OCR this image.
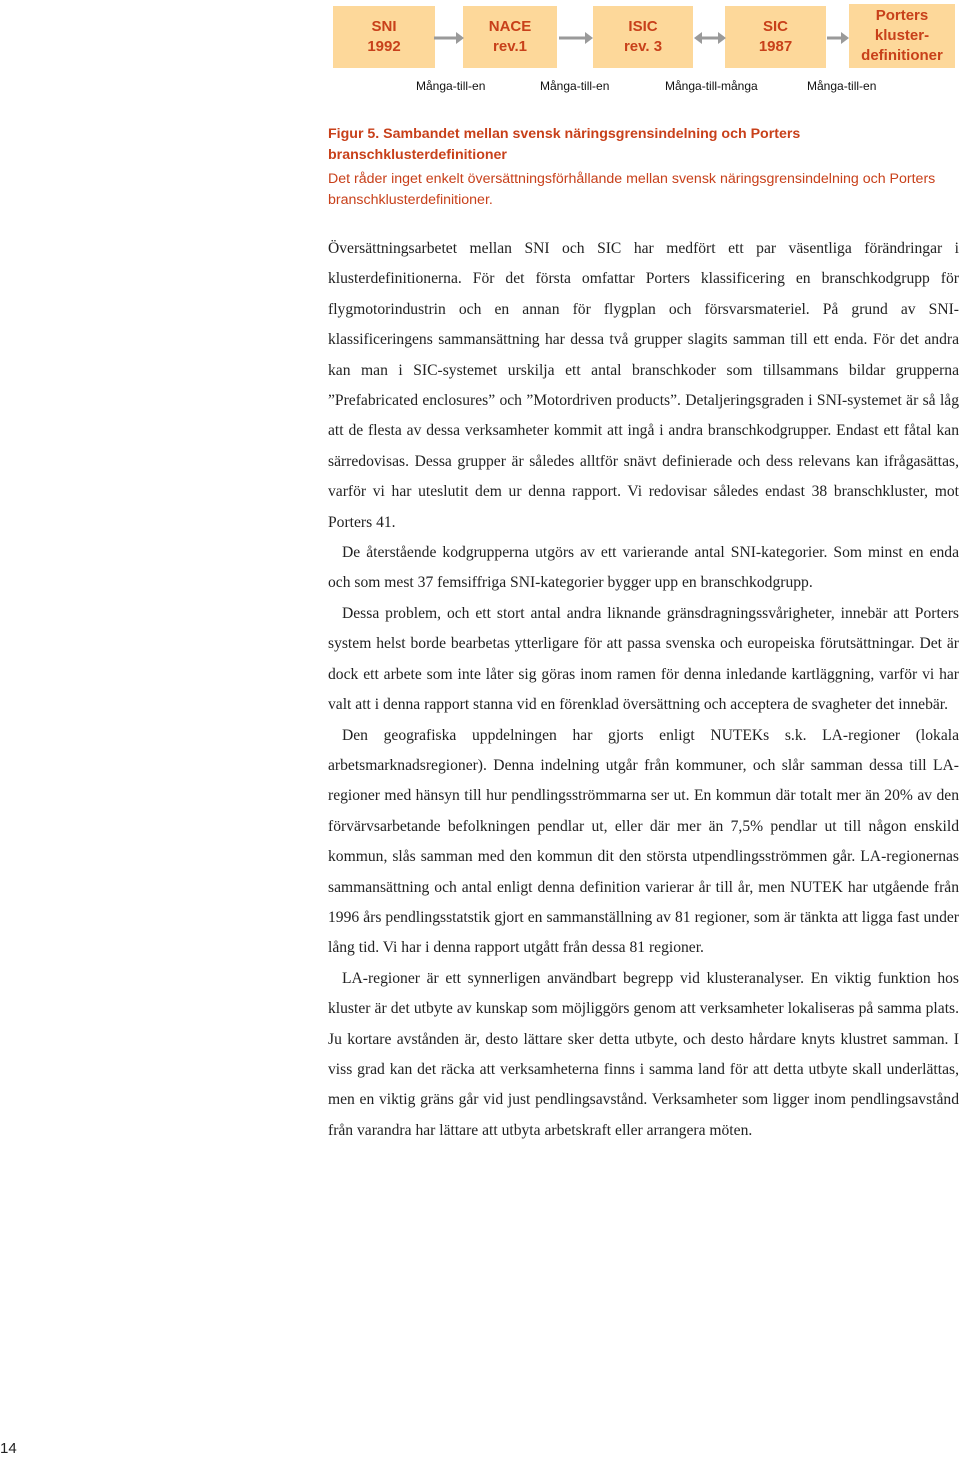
SNI
1992
NACE
rev.1
ISIC
rev. 3
SIC
1987
Porters
kluster-
definitioner
Många-till-en	Många-till-en	Många-till-många	Många-till-en
Figur 5. Sambandet mellan svensk näringsgrensindelning och Porters branschklusterdefinitioner
Det råder inget enkelt översättningsförhållande mellan svensk näringsgrensindelning och Porters branschklusterdefinitioner.

Översättningsarbetet mellan SNI och SIC har medfört ett par väsentliga förändringar i klusterdefinitionerna. För det första omfattar Porters klassificering en branschkodgrupp för flygmotorindustrin och en annan för flygplan och försvarsmateriel. På grund av SNI-klassificeringens sammansättning har dessa två grupper slagits samman till ett enda. För det andra kan man i SIC-systemet urskilja ett antal branschkoder som tillsammans bildar grupperna ”Prefabricated enclosures” och ”Motordriven products”. Detaljeringsgraden i SNI-systemet är så låg att de flesta av dessa verksamheter kommit att ingå i andra branschkodgrupper. Endast ett fåtal kan särredovisas. Dessa grupper är således alltför snävt definierade och dess relevans kan ifrågasättas, varför vi har uteslutit dem ur denna rapport. Vi redovisar således endast 38 branschkluster, mot Porters 41.

De återstående kodgrupperna utgörs av ett varierande antal SNI-kategorier. Som minst en enda och som mest 37 femsiffriga SNI-kategorier bygger upp en branschkodgrupp.

Dessa problem, och ett stort antal andra liknande gränsdragningssvårigheter, innebär att Porters system helst borde bearbetas ytterligare för att passa svenska och europeiska förutsättningar. Det är dock ett arbete som inte låter sig göras inom ramen för denna inledande kartläggning, varför vi har valt att i denna rapport stanna vid en förenklad översättning och acceptera de svagheter det innebär.

Den geografiska uppdelningen har gjorts enligt NUTEKs s.k. LA-regioner (lokala arbetsmarknadsregioner). Denna indelning utgår från kommuner, och slår samman dessa till LA-regioner med hänsyn till hur pendlingsströmmarna ser ut. En kommun där totalt mer än 20% av den förvärvsarbetande befolkningen pendlar ut, eller där mer än 7,5% pendlar ut till någon enskild kommun, slås samman med den kommun dit den största utpendlingsströmmen går. LA-regionernas sammansättning och antal enligt denna definition varierar år till år, men NUTEK har utgående från 1996 års pendlingsstatstik gjort en sammanställning av 81 regioner, som är tänkta att ligga fast under lång tid. Vi har i denna rapport utgått från dessa 81 regioner.

LA-regioner är ett synnerligen användbart begrepp vid klusteranalyser. En viktig funktion hos kluster är det utbyte av kunskap som möjliggörs genom att verksamheter lokaliseras på samma plats. Ju kortare avstånden är, desto lättare sker detta utbyte, och desto hårdare knyts klustret samman. I viss grad kan det räcka att verksamheterna finns i samma land för att detta utbyte skall underlättas, men en viktig gräns går vid just pendlingsavstånd. Verksamheter som ligger inom pendlingsavstånd från varandra har lättare att utbyta arbetskraft eller arrangera möten.

14
